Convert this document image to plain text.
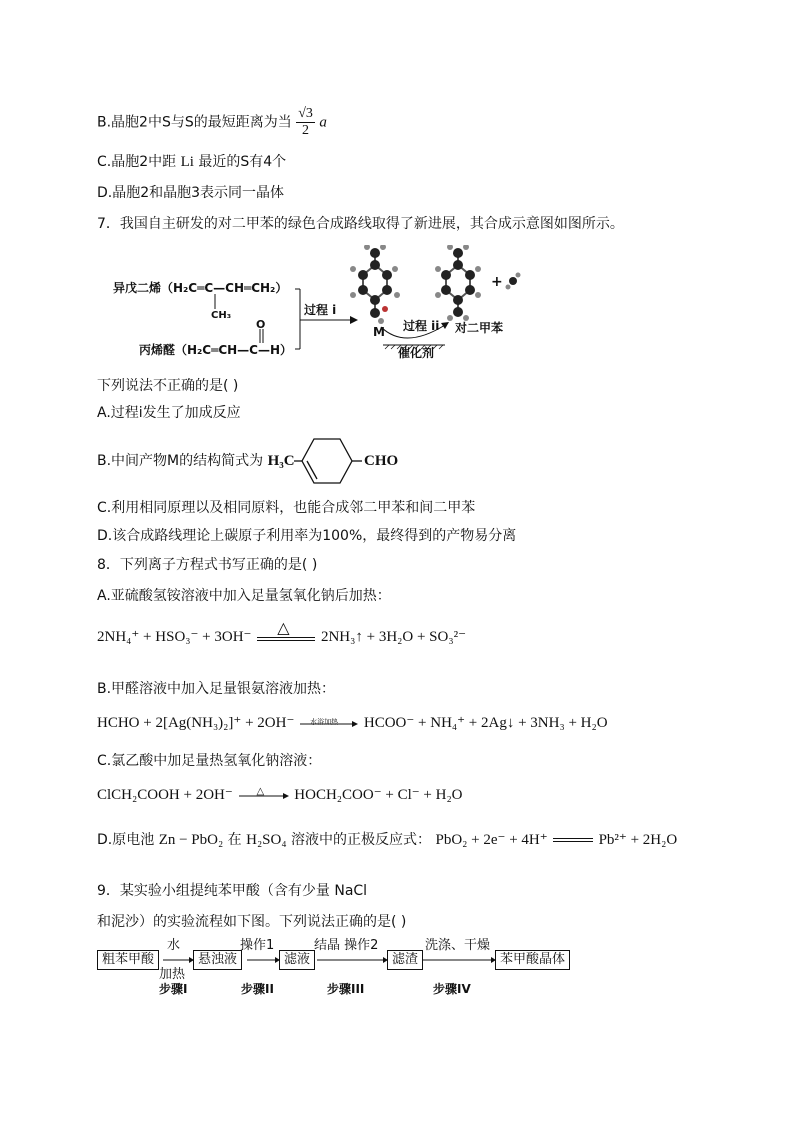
B.晶胞2中S与S的最短距离为当 $\frac{√3}{2}$ a
C.晶胞2中距 Li 最近的S有4个
D.晶胞2和晶胞3表示同一晶体
7．我国自主研发的对二甲苯的绿色合成路线取得了新进展，其合成示意图如图所示。
异戊二烯（H₂C═C—CH═CH₂）
CH₃
O
丙烯醛（H₂C═CH—C—H）
过程 i
M 过程 ii 对二甲苯
催化剂
+
下列说法不正确的是( )
A.过程i发生了加成反应
B.中间产物M的结构简式为 H₃C	CHO
C.利用相同原理以及相同原料，也能合成邻二甲苯和间二甲苯
D.该合成路线理论上碳原子利用率为100%，最终得到的产物易分离
8．下列离子方程式书写正确的是( )
A.亚硫酸氢铵溶液中加入足量氢氧化钠后加热：
2NH₄⁺ + HSO₃⁻ + 3OH⁻
△
2NH₃↑ + 3H₂O + SO₃²⁻
B.甲醛溶液中加入足量银氨溶液加热：
HCHO + 2[Ag(NH₃)₂]⁺ + 2OH⁻ 水浴加热 HCOO⁻ + NH₄⁺ + 2Ag↓ + 3NH₃ + H₂O
C.氯乙酸中加足量热氢氧化钠溶液：
ClCH₂COOH + 2OH⁻ △ HOCH₂COO⁻ + Cl⁻ + H₂O
D.原电池 Zn − PbO₂ 在 H₂SO₄ 溶液中的正极反应式： PbO₂ + 2e⁻ + 4H⁺	Pb²⁺ + 2H₂O
9．某实验小组提纯苯甲酸（含有少量 NaCl
和泥沙）的实验流程如下图。下列说法正确的是( )
粗苯甲酸
水
加热
悬浊液
操作1
滤液
结晶 操作2
滤渣
洗涤、干燥
苯甲酸晶体
步骤I	步骤II	步骤III	步骤IV
